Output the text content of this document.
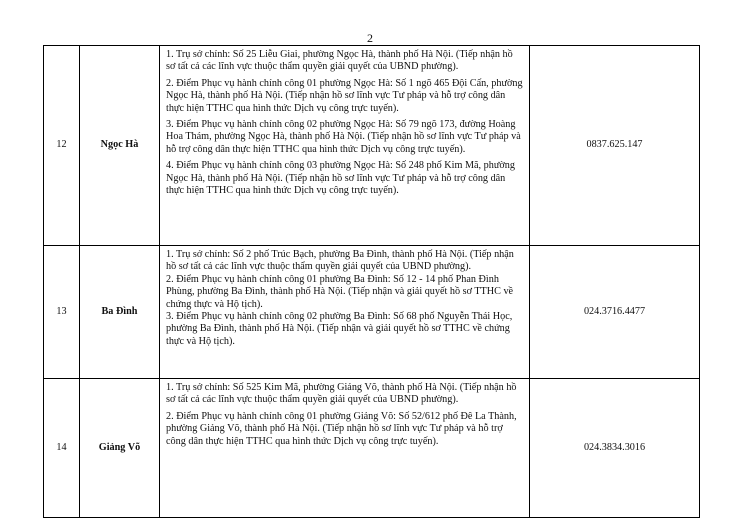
2
12	Ngọc Hà	1. Trụ sở chính: Số 25 Liễu Giai, phường Ngọc Hà, thành phố Hà Nội. (Tiếp nhận hồ sơ tất cả các lĩnh vực thuộc thẩm quyền giải quyết của UBND phường).

2. Điểm Phục vụ hành chính công 01 phường Ngọc Hà: Số 1 ngõ 465 Đội Cấn, phường Ngọc Hà, thành phố Hà Nội. (Tiếp nhận hồ sơ lĩnh vực Tư pháp và hỗ trợ công dân thực hiện TTHC qua hình thức Dịch vụ công trực tuyến).

3. Điểm Phục vụ hành chính công 02 phường Ngọc Hà: Số 79 ngõ 173, đường Hoàng Hoa Thám, phường Ngọc Hà, thành phố Hà Nội. (Tiếp nhận hồ sơ lĩnh vực Tư pháp và hỗ trợ công dân thực hiện TTHC qua hình thức Dịch vụ công trực tuyến).

4. Điểm Phục vụ hành chính công 03 phường Ngọc Hà: Số 248 phố Kim Mã, phường Ngọc Hà, thành phố Hà Nội. (Tiếp nhận hồ sơ lĩnh vực Tư pháp và hỗ trợ công dân thực hiện TTHC qua hình thức Dịch vụ công trực tuyến).	0837.625.147
13	Ba Đình	1. Trụ sở chính: Số 2 phố Trúc Bạch, phường Ba Đình, thành phố Hà Nội. (Tiếp nhận hồ sơ tất cả các lĩnh vực thuộc thẩm quyền giải quyết của UBND phường).

2. Điểm Phục vụ hành chính công 01 phường Ba Đình: Số 12 - 14 phố Phan Đình Phùng, phường Ba Đình, thành phố Hà Nội. (Tiếp nhận và giải quyết hồ sơ TTHC về chứng thực và Hộ tịch).

3. Điểm Phục vụ hành chính công 02 phường Ba Đình: Số 68 phố Nguyễn Thái Học, phường Ba Đình, thành phố Hà Nội. (Tiếp nhận và giải quyết hồ sơ TTHC về chứng thực và Hộ tịch).	024.3716.4477
14	Giảng Võ	1. Trụ sở chính: Số 525 Kim Mã, phường Giảng Võ, thành phố Hà Nội. (Tiếp nhận hồ sơ tất cả các lĩnh vực thuộc thẩm quyền giải quyết của UBND phường).

2. Điểm Phục vụ hành chính công 01 phường Giảng Võ: Số 52/612 phố Đê La Thành, phường Giảng Võ, thành phố Hà Nội. (Tiếp nhận hồ sơ lĩnh vực Tư pháp và hỗ trợ công dân thực hiện TTHC qua hình thức Dịch vụ công trực tuyến).	024.3834.3016
